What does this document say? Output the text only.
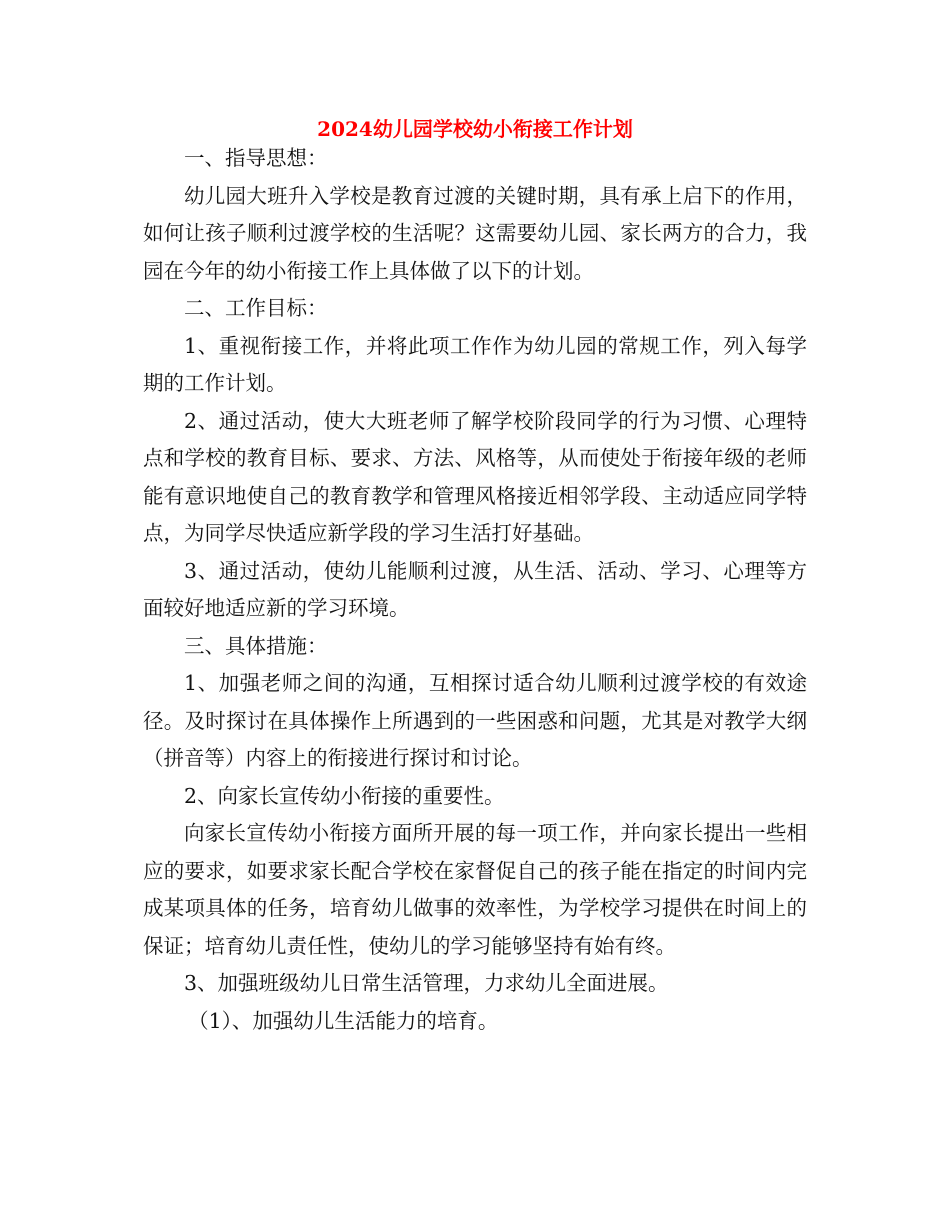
2024幼儿园学校幼小衔接工作计划

一、指导思想：

幼儿园大班升入学校是教育过渡的关键时期，具有承上启下的作用，如何让孩子顺利过渡学校的生活呢？这需要幼儿园、家长两方的合力，我园在今年的幼小衔接工作上具体做了以下的计划。

二、工作目标：

1、重视衔接工作，并将此项工作作为幼儿园的常规工作，列入每学期的工作计划。

2、通过活动，使大大班老师了解学校阶段同学的行为习惯、心理特点和学校的教育目标、要求、方法、风格等，从而使处于衔接年级的老师能有意识地使自己的教育教学和管理风格接近相邻学段、主动适应同学特点，为同学尽快适应新学段的学习生活打好基础。

3、通过活动，使幼儿能顺利过渡，从生活、活动、学习、心理等方面较好地适应新的学习环境。

三、具体措施：

1、加强老师之间的沟通，互相探讨适合幼儿顺利过渡学校的有效途径。及时探讨在具体操作上所遇到的一些困惑和问题，尤其是对教学大纲（拼音等）内容上的衔接进行探讨和讨论。

2、向家长宣传幼小衔接的重要性。

向家长宣传幼小衔接方面所开展的每一项工作，并向家长提出一些相应的要求，如要求家长配合学校在家督促自己的孩子能在指定的时间内完成某项具体的任务，培育幼儿做事的效率性，为学校学习提供在时间上的保证；培育幼儿责任性，使幼儿的学习能够坚持有始有终。

3、加强班级幼儿日常生活管理，力求幼儿全面进展。

（1）、加强幼儿生活能力的培育。
